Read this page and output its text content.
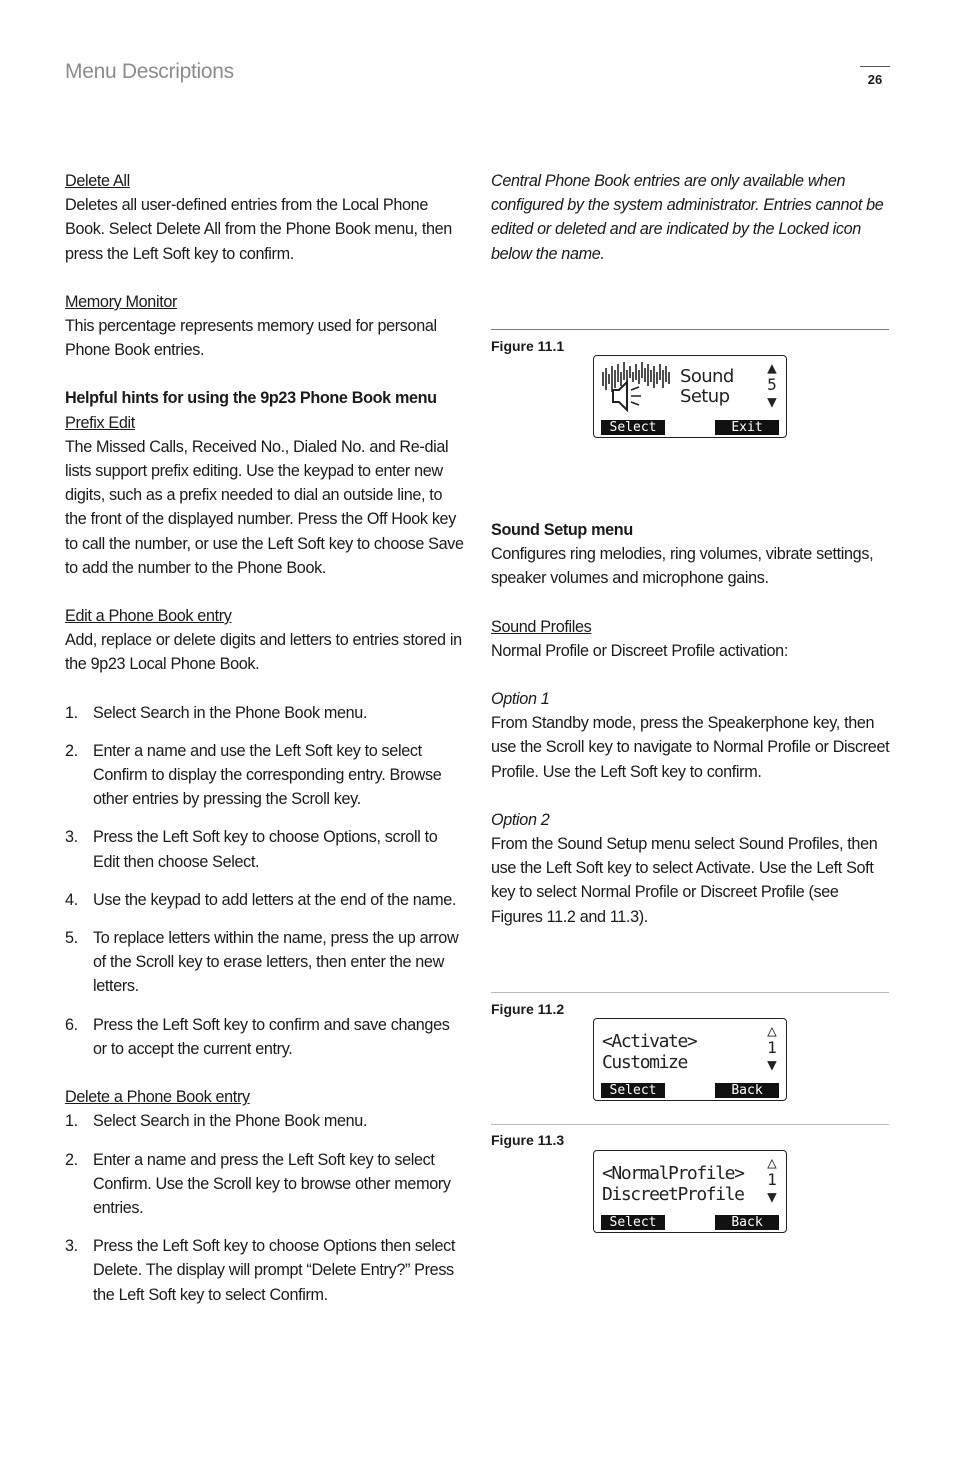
Menu Descriptions	26

Delete All

Deletes all user-defined entries from the Local Phone Book. Select Delete All from the Phone Book menu, then press the Left Soft key to confirm.

Memory Monitor

This percentage represents memory used for personal Phone Book entries.

Helpful hints for using the 9p23 Phone Book menu

Prefix Edit

The Missed Calls, Received No., Dialed No. and Re-dial lists support prefix editing. Use the keypad to enter new digits, such as a prefix needed to dial an outside line, to the front of the displayed number. Press the Off Hook key to call the number, or use the Left Soft key to choose Save to add the number to the Phone Book.

Edit a Phone Book entry

Add, replace or delete digits and letters to entries stored in the 9p23 Local Phone Book.

1. Select Search in the Phone Book menu.
2. Enter a name and use the Left Soft key to select Confirm to display the corresponding entry. Browse other entries by pressing the Scroll key.
3. Press the Left Soft key to choose Options, scroll to Edit then choose Select.
4. Use the keypad to add letters at the end of the name.
5. To replace letters within the name, press the up arrow of the Scroll key to erase letters, then enter the new letters.
6. Press the Left Soft key to confirm and save changes or to accept the current entry.

Delete a Phone Book entry

1. Select Search in the Phone Book menu.
2. Enter a name and press the Left Soft key to select Confirm. Use the Scroll key to browse other memory entries.
3. Press the Left Soft key to choose Options then select Delete. The display will prompt “Delete Entry?” Press the Left Soft key to select Confirm.

Central Phone Book entries are only available when configured by the system administrator. Entries cannot be edited or deleted and are indicated by the Locked icon below the name.

Sound Setup menu

Configures ring melodies, ring volumes, vibrate settings, speaker volumes and microphone gains.

Sound Profiles

Normal Profile or Discreet Profile activation:

Option 1

From Standby mode, press the Speakerphone key, then use the Scroll key to navigate to Normal Profile or Discreet Profile. Use the Left Soft key to confirm.

Option 2

From the Sound Setup menu select Sound Profiles, then use the Left Soft key to select Activate. Use the Left Soft key to select Normal Profile or Discreet Profile (see Figures 11.2 and 11.3).

Figure 11.1
Sound
Setup
▲
5
▼
Select	Exit
Figure 11.2
<Activate>
Customize
△
1
▼
Select	Back
Figure 11.3
<NormalProfile>
DiscreetProfile
△
1
▼
Select	Back
